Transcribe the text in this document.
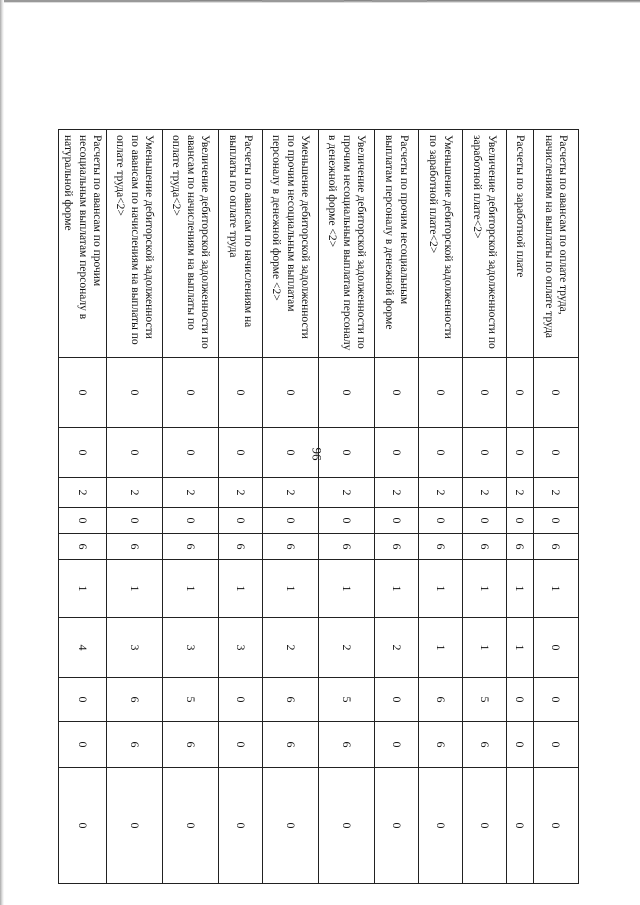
96
Расчеты по авансам по оплате труда, начислениям на выплаты по оплате труда	0	0	2	0	6	1	0	0	0	0
Расчеты по заработной плате	0	0	2	0	6	1	1	0	0	0
Увеличение дебиторской задолженности по заработной плате<2>	0	0	2	0	6	1	1	5	6	0
Уменьшение дебиторской задолженности по заработной плате<2>	0	0	2	0	6	1	1	6	6	0
Расчеты по прочим несоциальным выплатам персоналу в денежной форме	0	0	2	0	6	1	2	0	0	0
Увеличение дебиторской задолженности по прочим несоциальным выплатам персоналу в денежной форме <2>	0	0	2	0	6	1	2	5	6	0
Уменьшение дебиторской задолженности по прочим несоциальным выплатам персоналу в денежной форме <2>	0	0	2	0	6	1	2	6	6	0
Расчеты по авансам по начислениям на выплаты по оплате труда	0	0	2	0	6	1	3	0	0	0
Увеличение дебиторской задолженности по авансам по начислениям на выплаты по оплате труда<2>	0	0	2	0	6	1	3	5	6	0
Уменьшение дебиторской задолженности по авансам по начислениям на выплаты по оплате труда<2>	0	0	2	0	6	1	3	6	6	0
Расчеты по авансам по прочим несоциальным выплатам персоналу в натуральной форме	0	0	2	0	6	1	4	0	0	0
